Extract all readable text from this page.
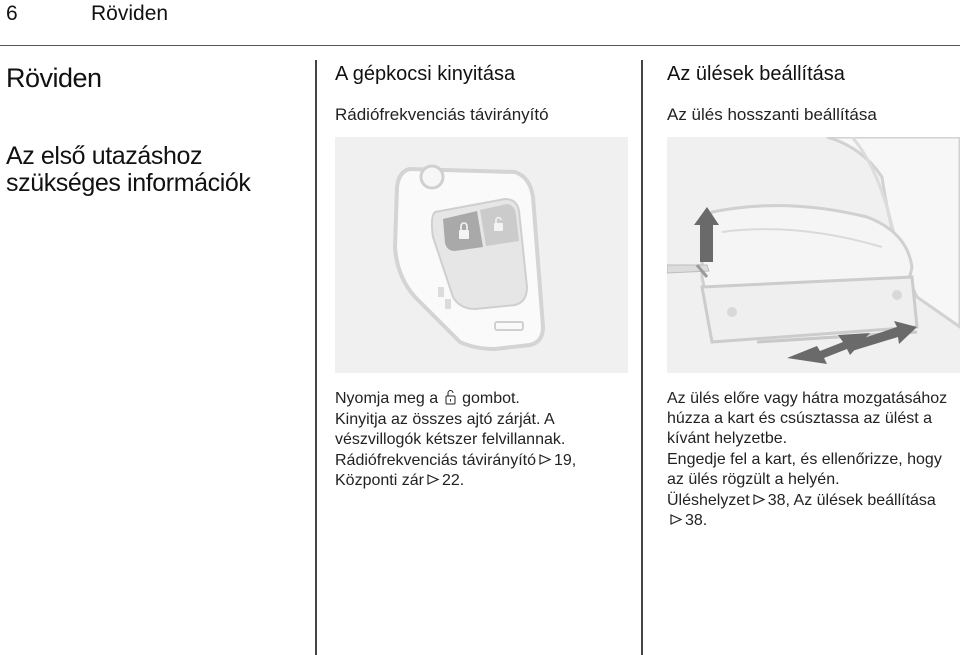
6	Röviden
Röviden
Az első utazáshoz
szükséges információk
A gépkocsi kinyitása
Rádiófrekvenciás távirányító

Nyomja meg a gombot.

Kinyitja az összes ajtó zárját. A vészvillogók kétszer felvillannak.

Rádiófrekvenciás távirányító 19, Központi zár 22.

Az ülések beállítása
Az ülés hosszanti beállítása

Az ülés előre vagy hátra mozgatásához húzza a kart és csúsztassa az ülést a kívánt helyzetbe.

Engedje fel a kart, és ellenőrizze, hogy az ülés rögzült a helyén.

Üléshelyzet 38, Az ülések beállítása38.
